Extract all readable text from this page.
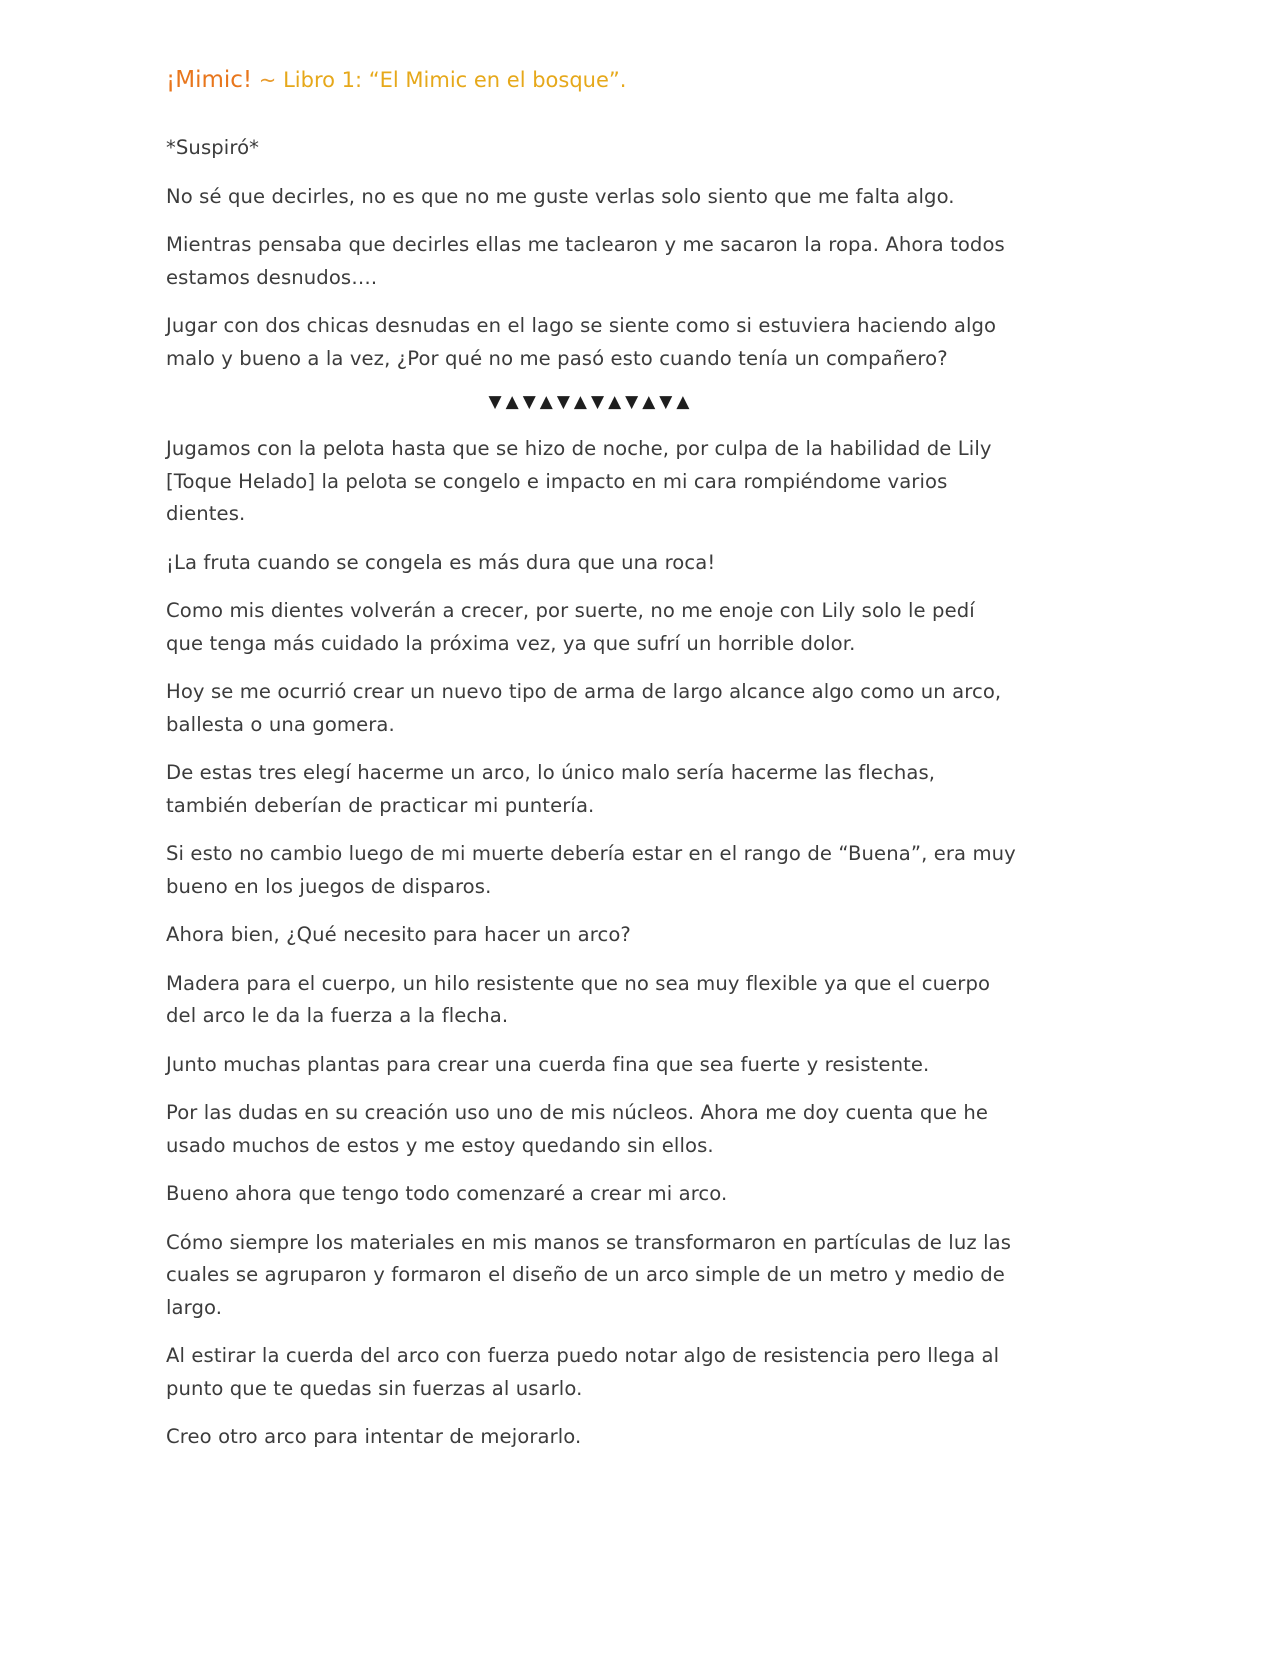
¡Mimic! ~ Libro 1: “El Mimic en el bosque”.

*Suspiró*

No sé que decirles, no es que no me guste verlas solo siento que me falta algo.

Mientras pensaba que decirles ellas me taclearon y me sacaron la ropa. Ahora todos estamos desnudos….

Jugar con dos chicas desnudas en el lago se siente como si estuviera haciendo algo malo y bueno a la vez, ¿Por qué no me pasó esto cuando tenía un compañero?

▼▲▼▲▼▲▼▲▼▲▼▲

Jugamos con la pelota hasta que se hizo de noche, por culpa de la habilidad de Lily [Toque Helado] la pelota se congelo e impacto en mi cara rompiéndome varios dientes.

¡La fruta cuando se congela es más dura que una roca!

Como mis dientes volverán a crecer, por suerte, no me enoje con Lily solo le pedí que tenga más cuidado la próxima vez, ya que sufrí un horrible dolor.

Hoy se me ocurrió crear un nuevo tipo de arma de largo alcance algo como un arco, ballesta o una gomera.

De estas tres elegí hacerme un arco, lo único malo sería hacerme las flechas, también deberían de practicar mi puntería.

Si esto no cambio luego de mi muerte debería estar en el rango de “Buena”, era muy bueno en los juegos de disparos.

Ahora bien, ¿Qué necesito para hacer un arco?

Madera para el cuerpo, un hilo resistente que no sea muy flexible ya que el cuerpo del arco le da la fuerza a la flecha.

Junto muchas plantas para crear una cuerda fina que sea fuerte y resistente.

Por las dudas en su creación uso uno de mis núcleos. Ahora me doy cuenta que he usado muchos de estos y me estoy quedando sin ellos.

Bueno ahora que tengo todo comenzaré a crear mi arco.

Cómo siempre los materiales en mis manos se transformaron en partículas de luz las cuales se agruparon y formaron el diseño de un arco simple de un metro y medio de largo.

Al estirar la cuerda del arco con fuerza puedo notar algo de resistencia pero llega al punto que te quedas sin fuerzas al usarlo.

Creo otro arco para intentar de mejorarlo.
